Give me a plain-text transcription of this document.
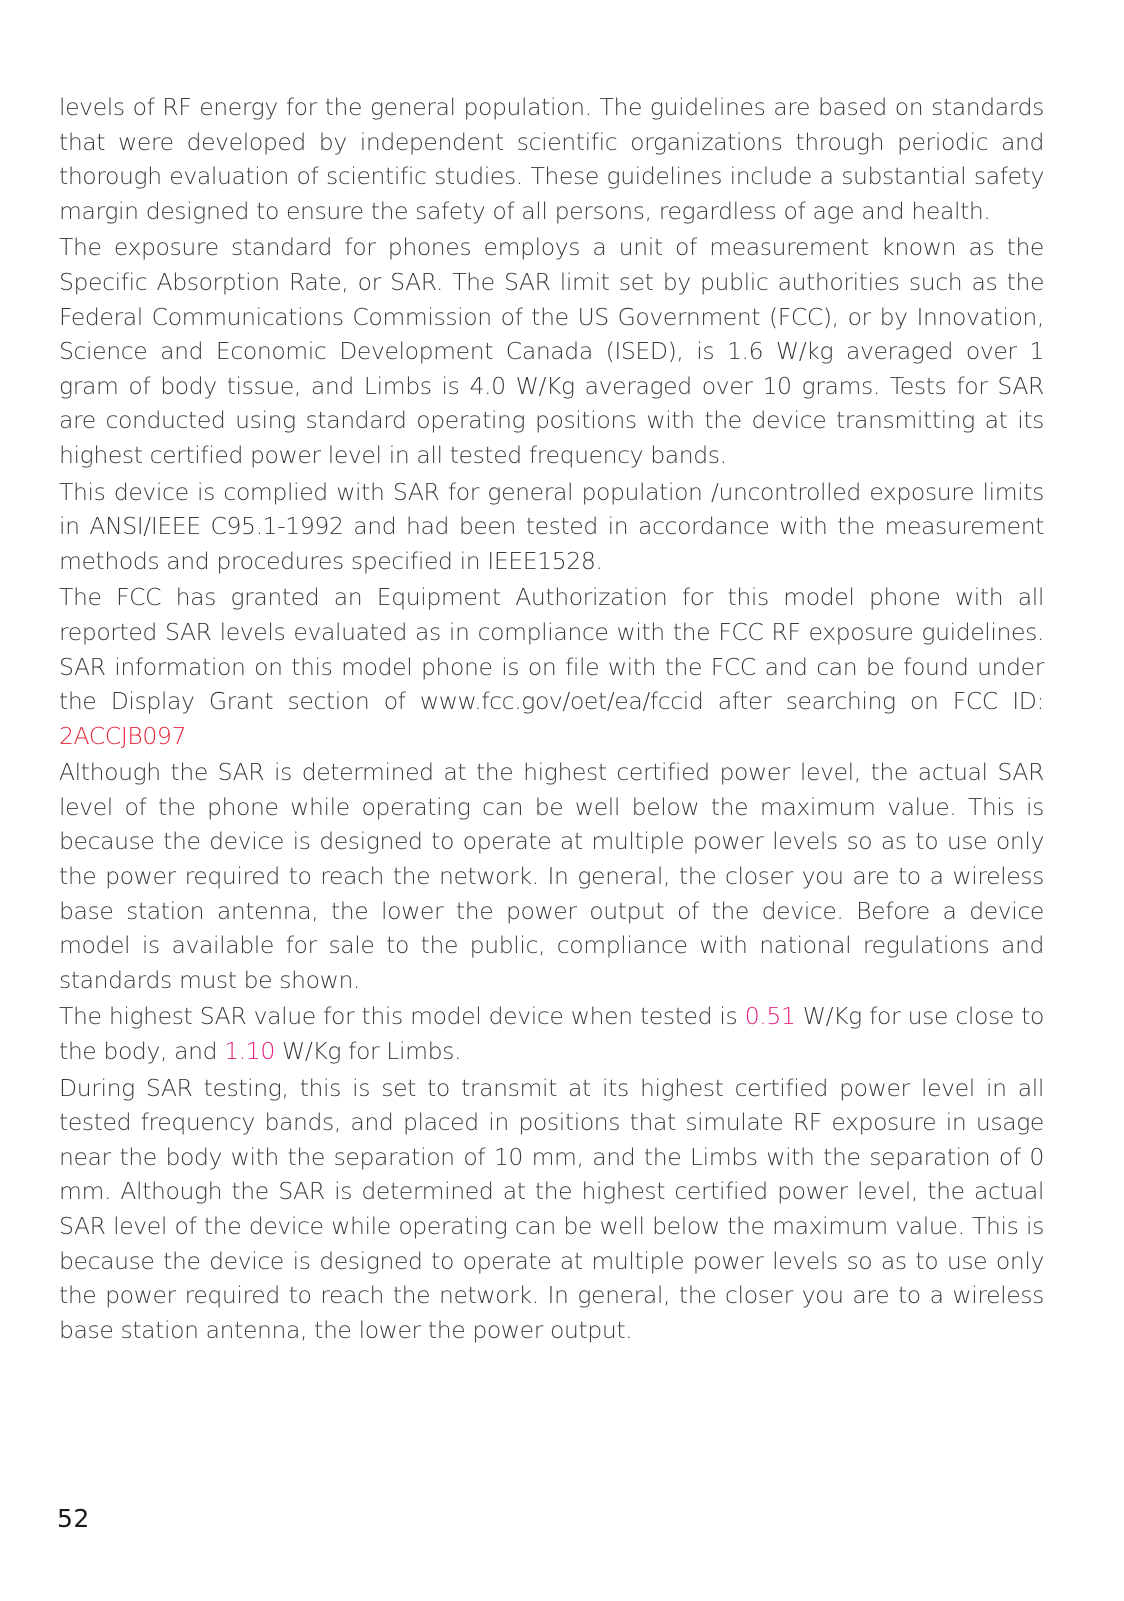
levels of RF energy for the general population. The guidelines are based on standards that were developed by independent scientific organizations through periodic and thorough evaluation of scientific studies. These guidelines include a substantial safety margin designed to ensure the safety of all persons, regardless of age and health.

The exposure standard for phones employs a unit of measurement known as the Specific Absorption Rate, or SAR. The SAR limit set by public authorities such as the Federal Communications Commission of the US Government (FCC), or by Innovation, Science and Economic Development Canada (ISED), is 1.6 W/kg averaged over 1 gram of body tissue, and Limbs is 4.0 W/Kg averaged over 10 grams. Tests for SAR are conducted using standard operating positions with the device transmitting at its highest certified power level in all tested frequency bands.

This device is complied with SAR for general population /uncontrolled exposure limits in ANSI/IEEE C95.1-1992 and had been tested in accordance with the measurement methods and procedures specified in IEEE1528.

The FCC has granted an Equipment Authorization for this model phone with all reported SAR levels evaluated as in compliance with the FCC RF exposure guidelines. SAR information on this model phone is on file with the FCC and can be found under the Display Grant section of www.fcc.gov/oet/ea/fccid after searching on FCC ID: 2ACCJB097

Although the SAR is determined at the highest certified power level, the actual SAR level of the phone while operating can be well below the maximum value. This is because the device is designed to operate at multiple power levels so as to use only the power required to reach the network. In general, the closer you are to a wireless base station antenna, the lower the power output of the device. Before a device model is available for sale to the public, compliance with national regulations and standards must be shown.

The highest SAR value for this model device when tested is 0.51 W/Kg for use close to the body, and 1.10 W/Kg for Limbs.

During SAR testing, this is set to transmit at its highest certified power level in all tested frequency bands, and placed in positions that simulate RF exposure in usage near the body with the separation of 10 mm, and the Limbs with the separation of 0 mm. Although the SAR is determined at the highest certified power level, the actual SAR level of the device while operating can be well below the maximum value. This is because the device is designed to operate at multiple power levels so as to use only the power required to reach the network. In general, the closer you are to a wireless base station antenna, the lower the power output.

52
